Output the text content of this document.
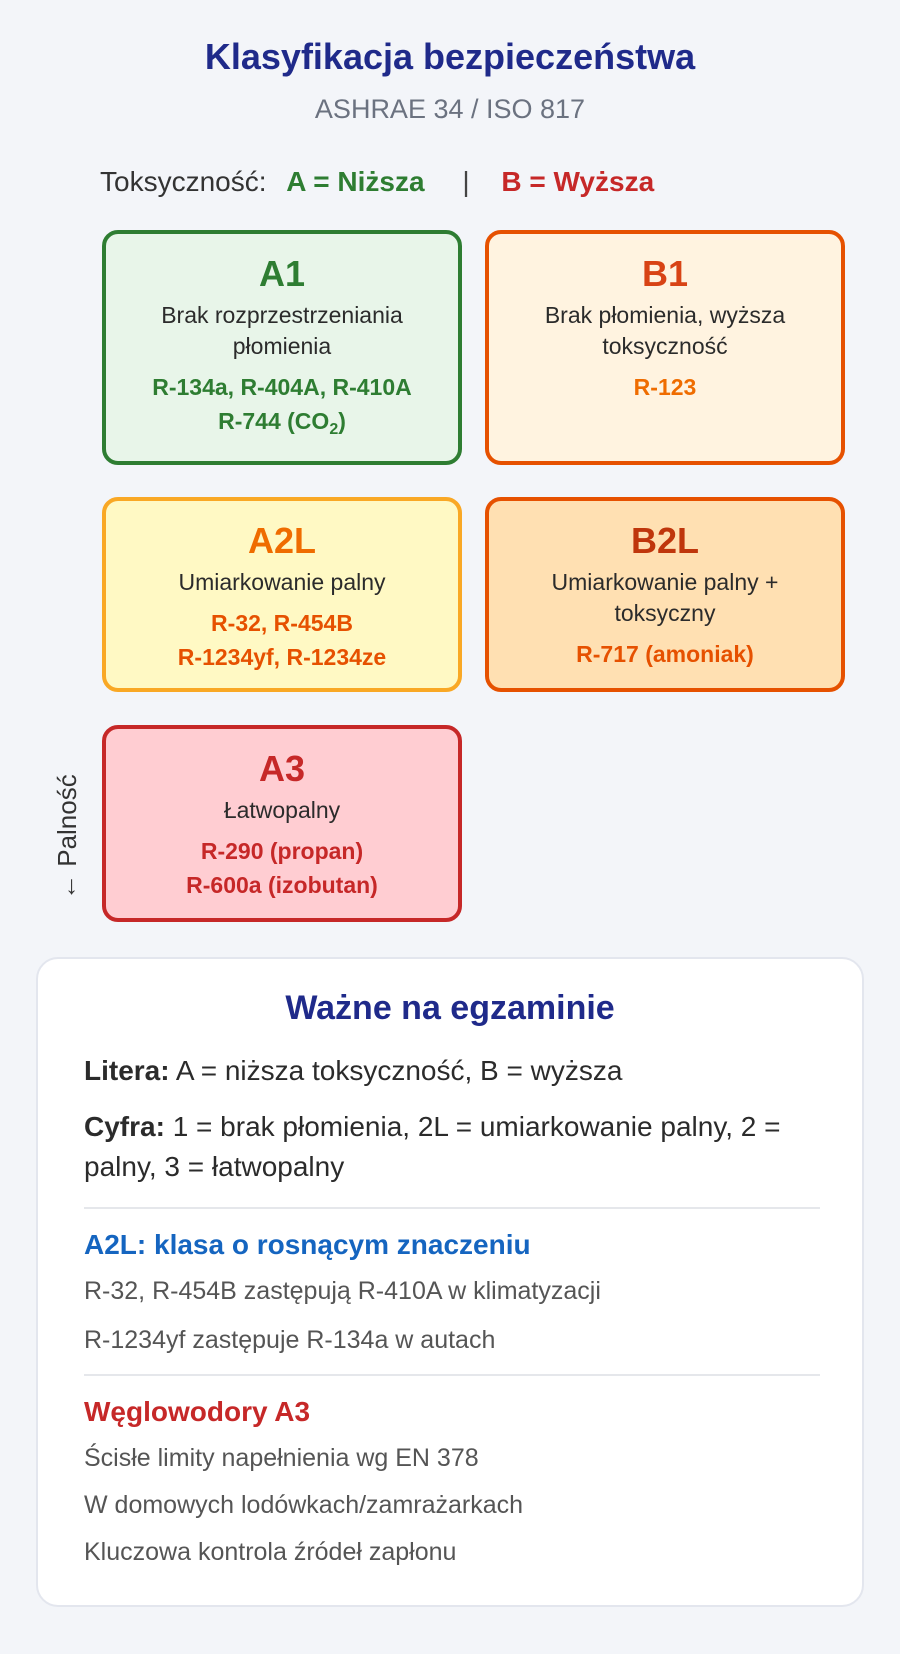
Klasyfikacja bezpieczeństwa
ASHRAE 34 / ISO 817
Toksyczność: A = Niższa | B = Wyższa
A1
Brak rozprzestrzeniania płomienia
R-134a, R-404A, R-410A
R-744 $(CO_2)$
B1
Brak płomienia, wyższa toksyczność
R-123
A2L
Umiarkowanie palny
R-32, R-454B
R-1234yf, R-1234ze
B2L
Umiarkowanie palny + toksyczny
R-717 (amoniak)
A3
Łatwopalny
R-290 (propan)
R-600a (izobutan)
← Palność
Ważne na egzaminie
Litera: A = niższa toksyczność, B = wyższa
Cyfra: 1 = brak płomienia, 2L = umiarkowanie palny, 2 = palny, 3 = łatwopalny
A2L: klasa o rosnącym znaczeniu
R-32, R-454B zastępują R-410A w klimatyzacji
R-1234yf zastępuje R-134a w autach
Węglowodory A3
Ścisłe limity napełnienia wg EN 378
W domowych lodówkach/zamrażarkach
Kluczowa kontrola źródeł zapłonu
